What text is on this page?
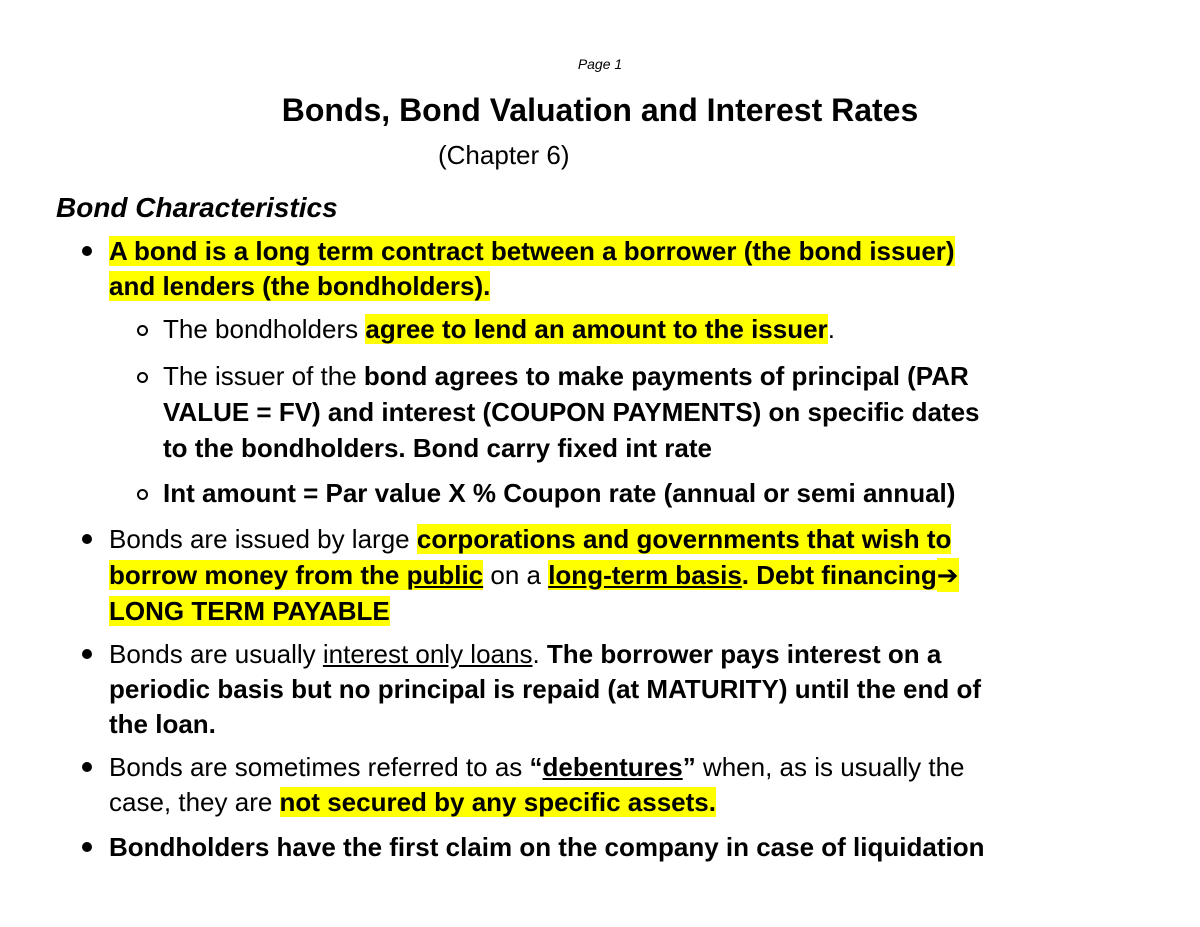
Page 1
Bonds, Bond Valuation and Interest Rates

(Chapter 6)

Bond Characteristics
A bond is a long term contract between a borrower (the bond issuer)
and lenders (the bondholders).
The bondholders agree to lend an amount to the issuer.
The issuer of the bond agrees to make payments of principal (PAR
VALUE = FV) and interest (COUPON PAYMENTS) on specific dates
to the bondholders. Bond carry fixed int rate
Int amount = Par value X % Coupon rate (annual or semi annual)
Bonds are issued by large corporations and governments that wish to
borrow money from the public on a long-term basis. Debt financing➔
LONG TERM PAYABLE
Bonds are usually interest only loans. The borrower pays interest on a
periodic basis but no principal is repaid (at MATURITY) until the end of
the loan.
Bonds are sometimes referred to as “debentures” when, as is usually the
case, they are not secured by any specific assets.
Bondholders have the first claim on the company in case of liquidation
